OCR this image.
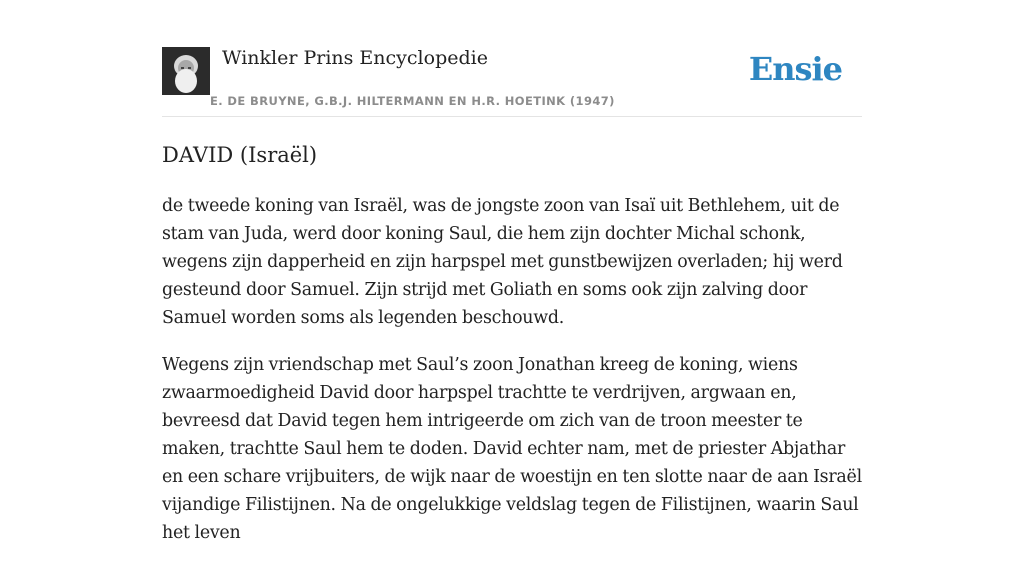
Winkler Prins Encyclopedie
E. DE BRUYNE, G.B.J. HILTERMANN EN H.R. HOETINK (1947)
Ensie
DAVID (Israël)

de tweede koning van Israël, was de jongste zoon van Isaï uit Bethlehem, uit de stam van Juda, werd door koning Saul, die hem zijn dochter Michal schonk, wegens zijn dapperheid en zijn harpspel met gunstbewijzen overladen; hij werd gesteund door Samuel. Zijn strijd met Goliath en soms ook zijn zalving door Samuel worden soms als legenden beschouwd.

Wegens zijn vriendschap met Saul’s zoon Jonathan kreeg de koning, wiens zwaarmoedigheid David door harpspel trachtte te verdrijven, argwaan en, bevreesd dat David tegen hem intrigeerde om zich van de troon meester te maken, trachtte Saul hem te doden. David echter nam, met de priester Abjathar en een schare vrijbuiters, de wijk naar de woestijn en ten slotte naar de aan Israël vijandige Filistijnen. Na de ongelukkige veldslag tegen de Filistijnen, waarin Saul het leven
